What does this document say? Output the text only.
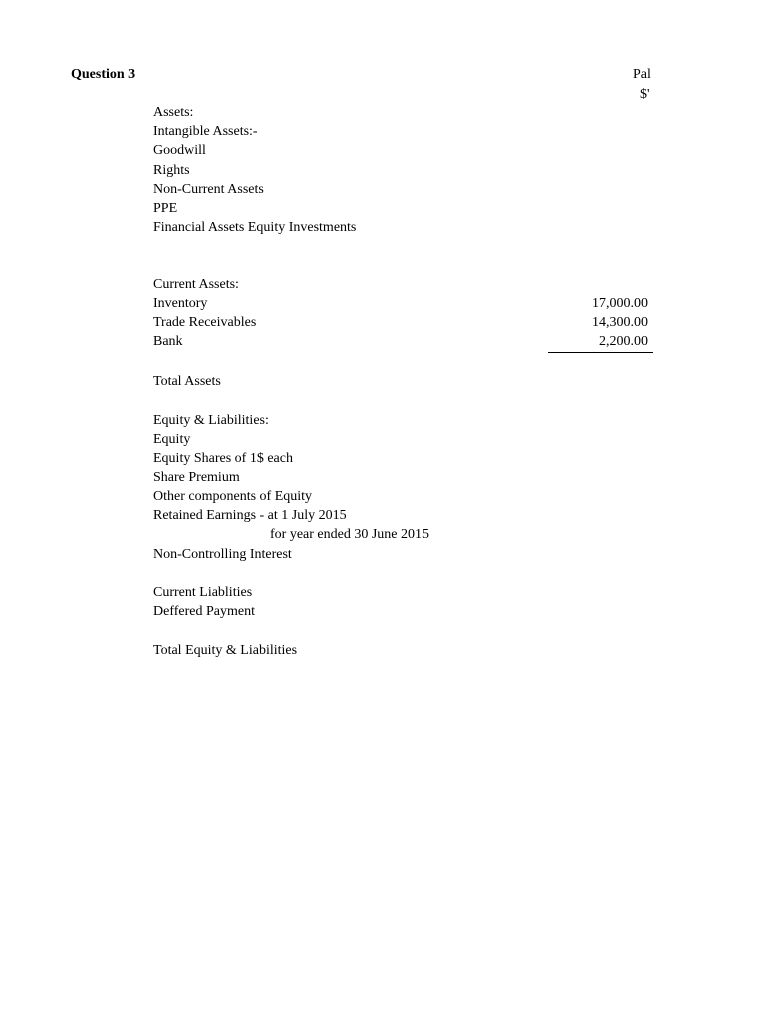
Question 3	Pal
$'
Assets:
Intangible Assets:-
Goodwill
Rights
Non-Current Assets
PPE
Financial Assets Equity Investments
Current Assets:
Inventory	17,000.00
Trade Receivables	14,300.00
Bank	2,200.00
Total Assets
Equity & Liabilities:
Equity
Equity Shares of 1$ each
Share Premium
Other components of Equity
Retained Earnings - at 1 July 2015
for year ended 30 June 2015
Non-Controlling Interest
Current Liablities
Deffered Payment
Total Equity & Liabilities
